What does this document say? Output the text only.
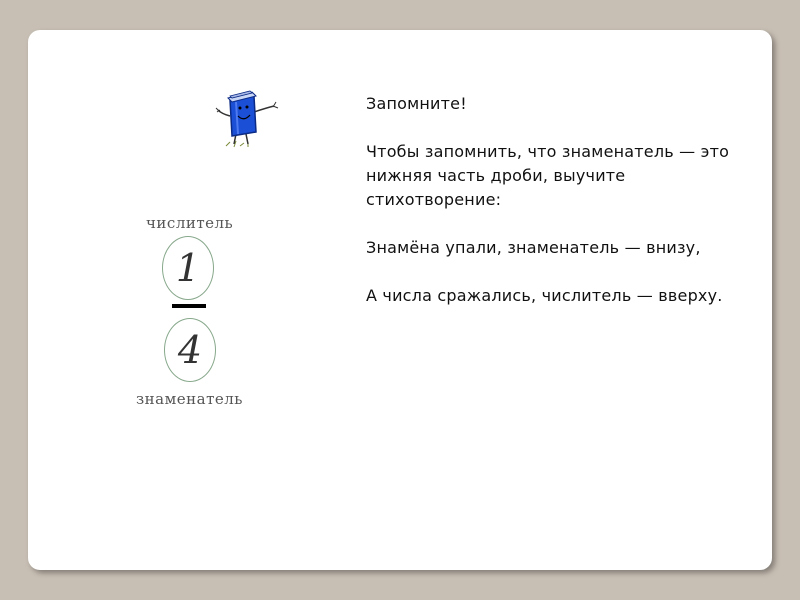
числитель
1
4
знаменатель

Запомните!

Чтобы запомнить, что знаменатель — это нижняя часть дроби, выучите стихотворение:

Знамёна упали, знаменатель — внизу,

А числа сражались, числитель — вверху.
